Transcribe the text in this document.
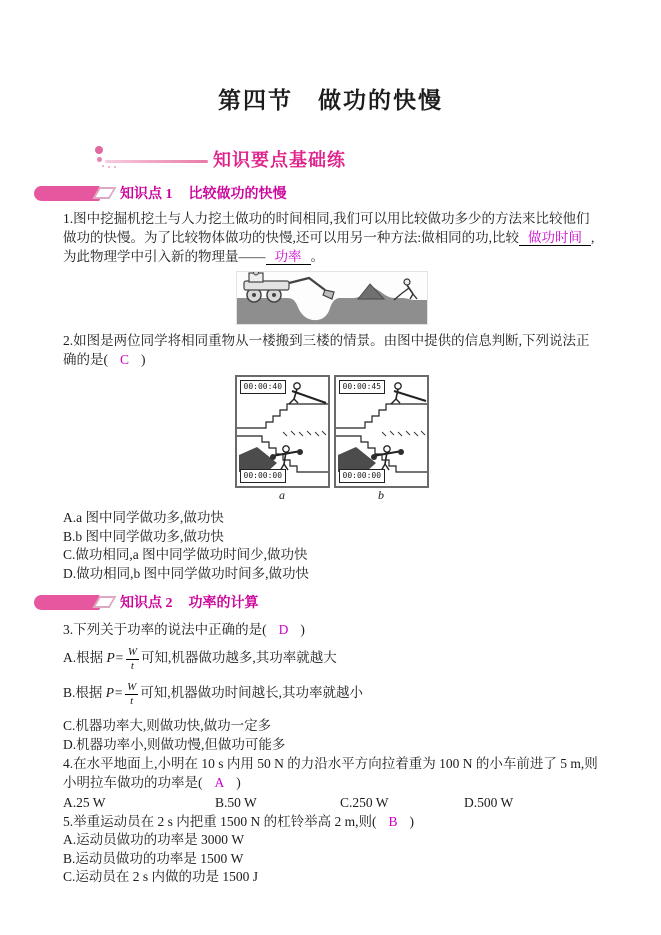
第四节　做功的快慢
知识要点基础练
知识点 1 比较做功的快慢

1.图中挖掘机挖土与人力挖土做功的时间相同,我们可以用比较做功多少的方法来比较他们做功的快慢。为了比较物体做功的快慢,还可以用另一种方法:做相同的功,比较 做功时间 ,为此物理学中引入新的物理量—— 功率 。

2.如图是两位同学将相同重物从一楼搬到三楼的情景。由图中提供的信息判断,下列说法正确的是( C )

00:00:40
00:00:00
a
00:00:45
00:00:00
b
A.a 图中同学做功多,做功快
B.b 图中同学做功多,做功快
C.做功相同,a 图中同学做功时间少,做功快
D.做功相同,b 图中同学做功时间多,做功快
知识点 2 功率的计算

3.下列关于功率的说法中正确的是( D )

A.根据 $P= \frac{W}{t}$ 可知,机器做功越多,其功率就越大
B.根据 $P= \frac{W}{t}$ 可知,机器做功时间越长,其功率就越小
C.机器功率大,则做功快,做功一定多
D.机器功率小,则做功慢,但做功可能多

4.在水平地面上,小明在 10 s 内用 50 N 的力沿水平方向拉着重为 100 N 的小车前进了 5 m,则小明拉车做功的功率是( A )

A.25 W	B.50 W	C.250 W	D.500 W

5.举重运动员在 2 s 内把重 1500 N 的杠铃举高 2 m,则( B )

A.运动员做功的功率是 3000 W
B.运动员做功的功率是 1500 W
C.运动员在 2 s 内做的功是 1500 J
